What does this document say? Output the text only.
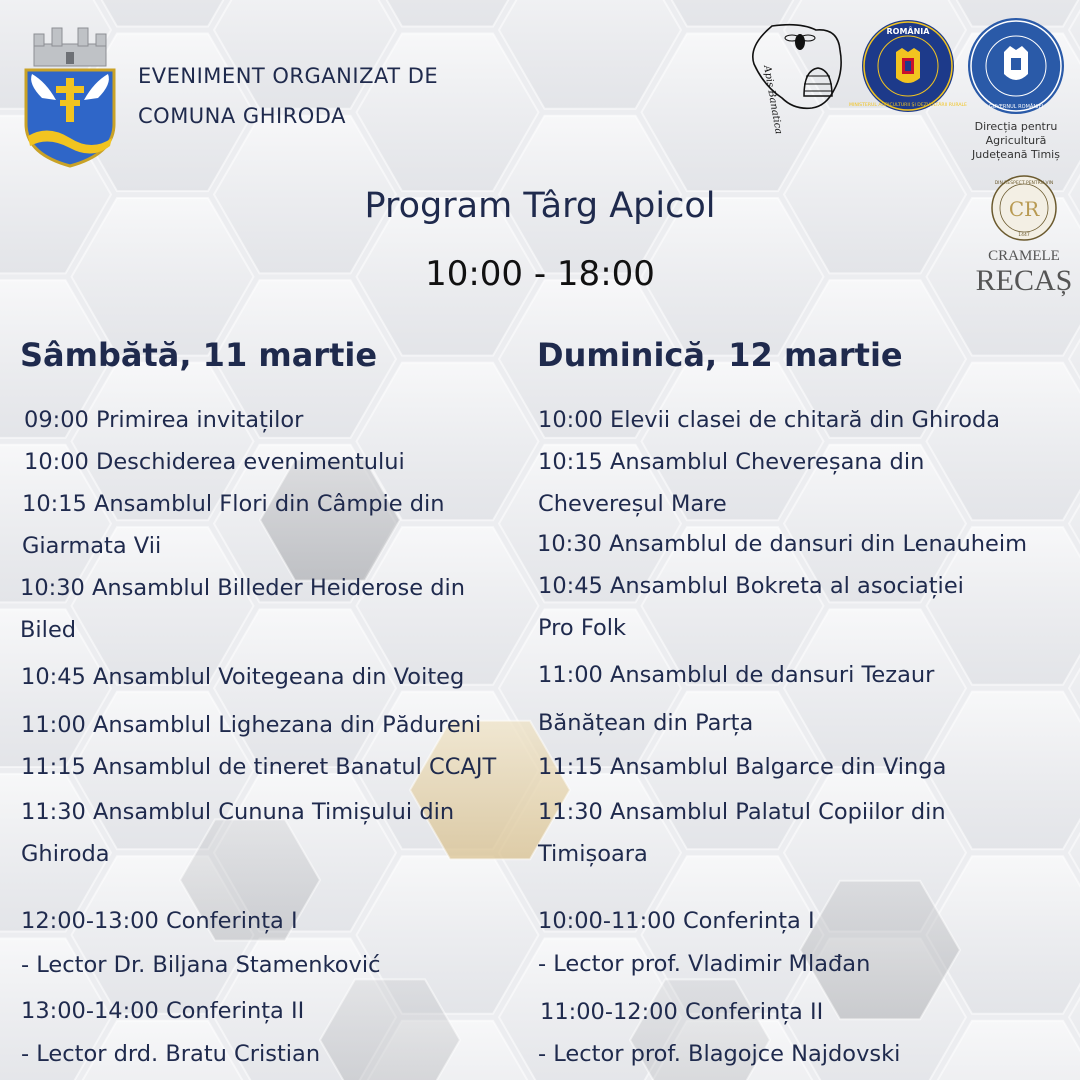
EVENIMENT ORGANIZAT DE
COMUNA GHIRODA	Apis Banatica
ROMÂNIA
MINISTERUL AGRICULTURII ŞI DEZVOLTĂRII RURALE	GUVERNUL ROMÂNIEI
Direcția pentru
Agricultură
Județeană Timiș
CR
DIN RESPECT PENTRU VIN
1447
CRAMELE
RECAȘ
Program Târg Apicol
10:00 - 18:00
Sâmbătă, 11 martie	Duminică, 12 martie
09:00 Primirea invitaților
10:00 Deschiderea evenimentului
10:15 Ansamblul Flori din Câmpie din
Giarmata Vii
10:30 Ansamblul Billeder Heiderose din
Biled
10:45 Ansamblul Voitegeana din Voiteg
11:00 Ansamblul Lighezana din Pădureni
11:15 Ansamblul de tineret Banatul CCAJT
11:30 Ansamblul Cununa Timișului din
Ghiroda
12:00-13:00 Conferința I
- Lector Dr. Biljana Stamenković
13:00-14:00 Conferința II
- Lector drd. Bratu Cristian
10:00 Elevii clasei de chitară din Ghiroda
10:15 Ansamblul Chevereșana din
Chevereșul Mare
10:30 Ansamblul de dansuri din Lenauheim
10:45 Ansamblul Bokreta al asociației
Pro Folk
11:00 Ansamblul de dansuri Tezaur
Bănățean din Parța
11:15 Ansamblul Balgarce din Vinga
11:30 Ansamblul Palatul Copiilor din
Timișoara
10:00-11:00 Conferința I
- Lector prof. Vladimir Mlađan
11:00-12:00 Conferința II
- Lector prof. Blagojce Najdovski
